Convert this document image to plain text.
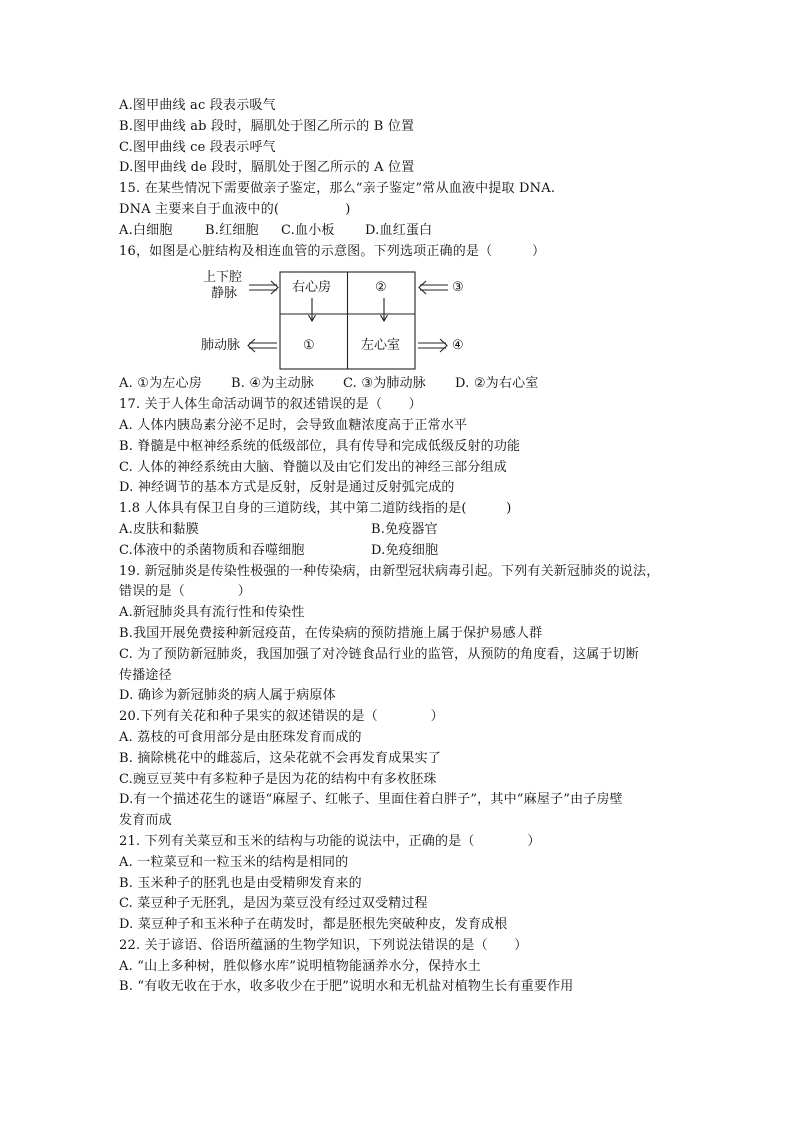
A.图甲曲线 ac 段表示吸气
B.图甲曲线 ab 段时，膈肌处于图乙所示的 B 位置
C.图甲曲线 ce 段表示呼气
D.图甲曲线 de 段时，膈肌处于图乙所示的 A 位置
15. 在某些情况下需要做亲子鉴定，那么“亲子鉴定”常从血液中提取 DNA.
DNA 主要来自于血液中的(　　　　　)
A.白细胞	B.红细胞	C.血小板	D.血红蛋白
16，如图是心脏结构及相连血管的示意图。下列选项正确的是（　　　）
上下腔
静脉	右心房	②	③
①	左心室	④
肺动脉
A. ①为左心房	B. ④为主动脉	C. ③为肺动脉	D. ②为右心室
17. 关于人体生命活动调节的叙述错误的是（　　）
A. 人体内胰岛素分泌不足时，会导致血糖浓度高于正常水平
B. 脊髓是中枢神经系统的低级部位，具有传导和完成低级反射的功能
C. 人体的神经系统由大脑、脊髓以及由它们发出的神经三部分组成
D. 神经调节的基本方式是反射，反射是通过反射弧完成的
1.8 人体具有保卫自身的三道防线，其中第二道防线指的是(　　　)
A.皮肤和黏膜	B.免疫器官
C.体液中的杀菌物质和吞噬细胞	D.免疫细胞
19. 新冠肺炎是传染性极强的一种传染病，由新型冠状病毒引起。下列有关新冠肺炎的说法，
错误的是（　　　　）
A.新冠肺炎具有流行性和传染性
B.我国开展免费接种新冠疫苗，在传染病的预防措施上属于保护易感人群
C. 为了预防新冠肺炎，我国加强了对冷链食品行业的监管，从预防的角度看，这属于切断
传播途径
D. 确诊为新冠肺炎的病人属于病原体
20.下列有关花和种子果实的叙述错误的是（　　　　）
A. 荔枝的可食用部分是由胚珠发育而成的
B. 摘除桃花中的雌蕊后，这朵花就不会再发育成果实了
C.豌豆豆荚中有多粒种子是因为花的结构中有多枚胚珠
D.有一个描述花生的谜语“麻屋子、红帐子、里面住着白胖子”，其中“麻屋子”由子房壁
发育而成
21. 下列有关菜豆和玉米的结构与功能的说法中，正确的是（　　　　）
A. 一粒菜豆和一粒玉米的结构是相同的
B. 玉米种子的胚乳也是由受精卵发育来的
C. 菜豆种子无胚乳，是因为菜豆没有经过双受精过程
D. 菜豆种子和玉米种子在萌发时，都是胚根先突破种皮，发育成根
22. 关于谚语、俗语所蕴涵的生物学知识，下列说法错误的是（　　）
A. “山上多种树，胜似修水库”说明植物能涵养水分，保持水土
B. “有收无收在于水，收多收少在于肥”说明水和无机盐对植物生长有重要作用
